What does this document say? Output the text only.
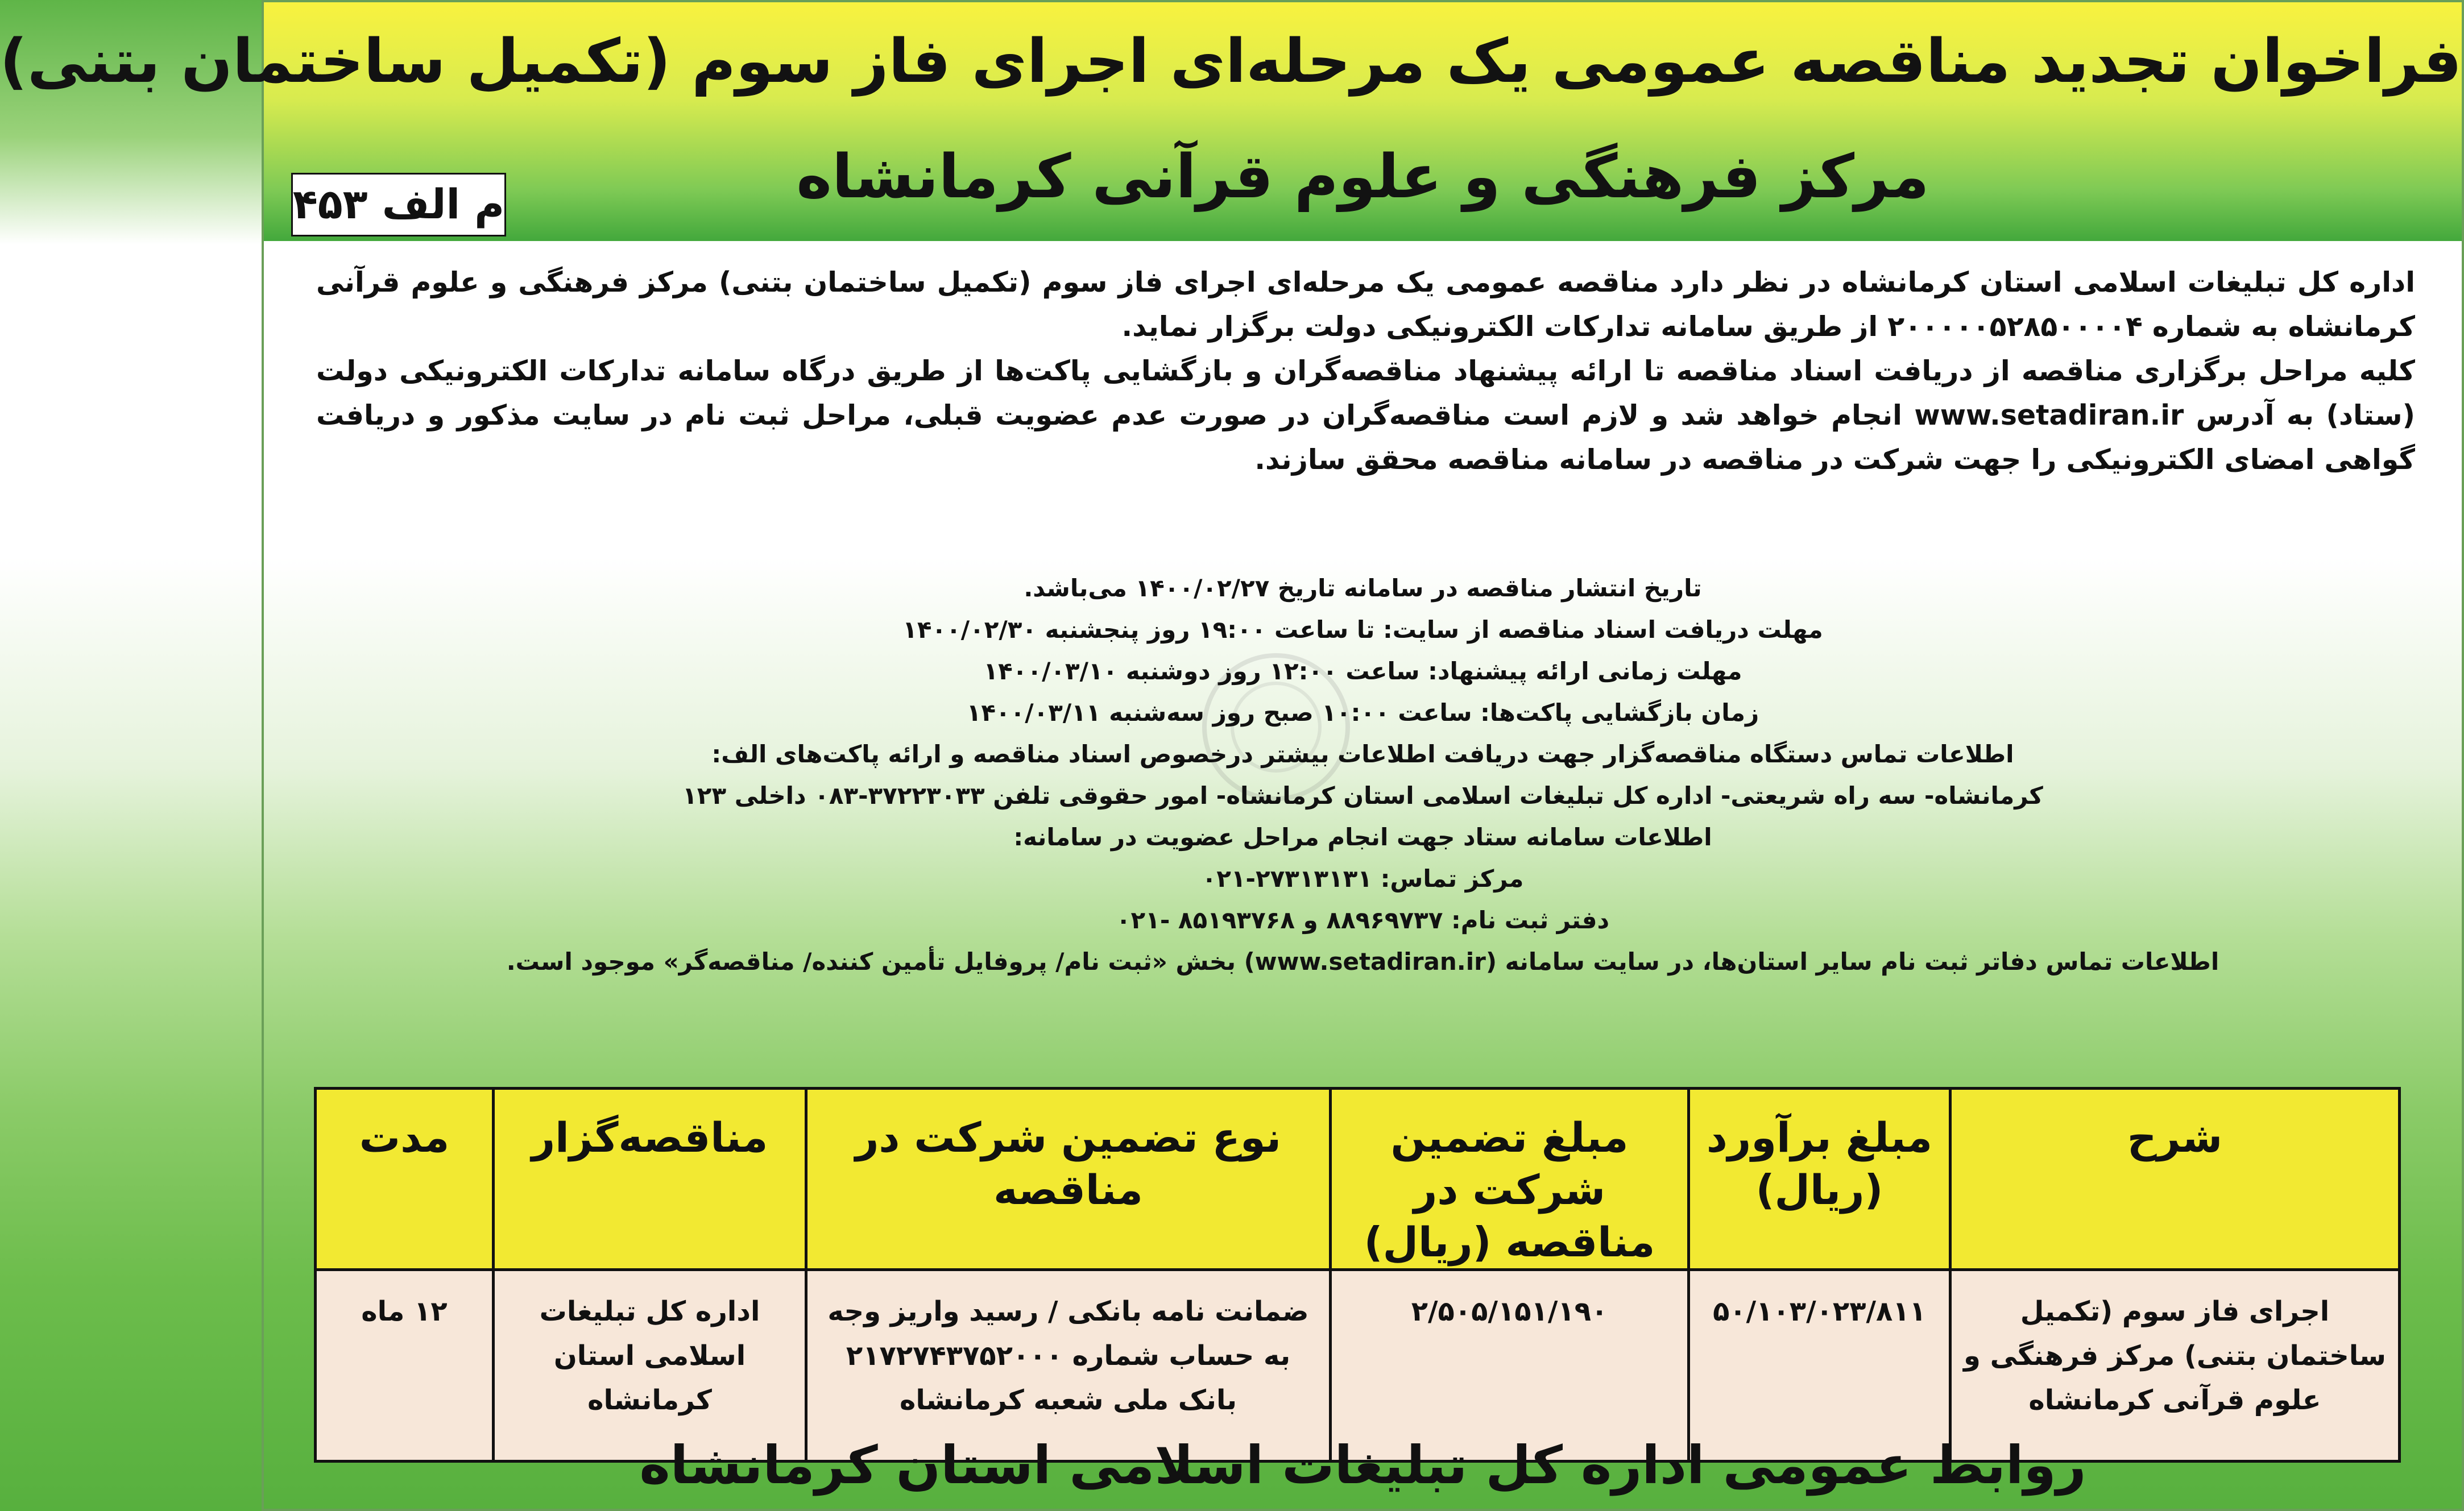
فراخوان تجدید مناقصه عمومی یک مرحله‌ای اجرای فاز سوم (تکمیل ساختمان بتنی)
مرکز فرهنگی و علوم قرآنی کرمانشاه
م الف ۴۵۳

اداره کل تبلیغات اسلامی استان کرمانشاه در نظر دارد مناقصه عمومی یک مرحله‌ای اجرای فاز سوم (تکمیل ساختمان بتنی) مرکز فرهنگی و علوم قرآنی کرمانشاه به شماره ۲۰۰۰۰۰۵۲۸۵۰۰۰۰۴ از طریق سامانه تدارکات الکترونیکی دولت برگزار نماید.

کلیه مراحل برگزاری مناقصه از دریافت اسناد مناقصه تا ارائه پیشنهاد مناقصه‌گران و بازگشایی پاکت‌ها از طریق درگاه سامانه تدارکات الکترونیکی دولت (ستاد) به آدرس www.setadiran.ir انجام خواهد شد و لازم است مناقصه‌گران در صورت عدم عضویت قبلی، مراحل ثبت نام در سایت مذکور و دریافت گواهی امضای الکترونیکی را جهت شرکت در مناقصه در سامانه مناقصه محقق سازند.

تاریخ انتشار مناقصه در سامانه تاریخ ۱۴۰۰/۰۲/۲۷ می‌باشد.
مهلت دریافت اسناد مناقصه از سایت: تا ساعت ۱۹:۰۰ روز پنجشنبه ۱۴۰۰/۰۲/۳۰
مهلت زمانی ارائه پیشنهاد: ساعت ۱۲:۰۰ روز دوشنبه ۱۴۰۰/۰۳/۱۰
زمان بازگشایی پاکت‌ها: ساعت ۱۰:۰۰ صبح روز سه‌شنبه ۱۴۰۰/۰۳/۱۱
اطلاعات تماس دستگاه مناقصه‌گزار جهت دریافت اطلاعات بیشتر درخصوص اسناد مناقصه و ارائه پاکت‌های الف:
کرمانشاه- سه راه شریعتی- اداره کل تبلیغات اسلامی استان کرمانشاه- امور حقوقی تلفن ۳۷۲۲۳۰۳۳-۰۸۳ داخلی ۱۲۳
اطلاعات سامانه ستاد جهت انجام مراحل عضویت در سامانه:
مرکز تماس: ۲۷۳۱۳۱۳۱-۰۲۱
دفتر ثبت نام: ۸۸۹۶۹۷۳۷ و ۸۵۱۹۳۷۶۸ -۰۲۱
اطلاعات تماس دفاتر ثبت نام سایر استان‌ها، در سایت سامانه (www.setadiran.ir) بخش «ثبت نام/ پروفایل تأمین کننده/ مناقصه‌گر» موجود است.
شرح	مبلغ برآورد (ریال)	مبلغ تضمین شرکت در مناقصه (ریال)	نوع تضمین شرکت در مناقصه	مناقصه‌گزار	مدت
اجرای فاز سوم (تکمیل ساختمان بتنی) مرکز فرهنگی و علوم قرآنی کرمانشاه	۵۰/۱۰۳/۰۲۳/۸۱۱	۲/۵۰۵/۱۵۱/۱۹۰	ضمانت نامه بانکی / رسید واریز وجه به حساب شماره ۲۱۷۲۷۴۳۷۵۲۰۰۰ بانک ملی شعبه کرمانشاه	اداره کل تبلیغات اسلامی استان کرمانشاه	۱۲ ماه
روابط عمومی اداره کل تبلیغات اسلامی استان کرمانشاه
